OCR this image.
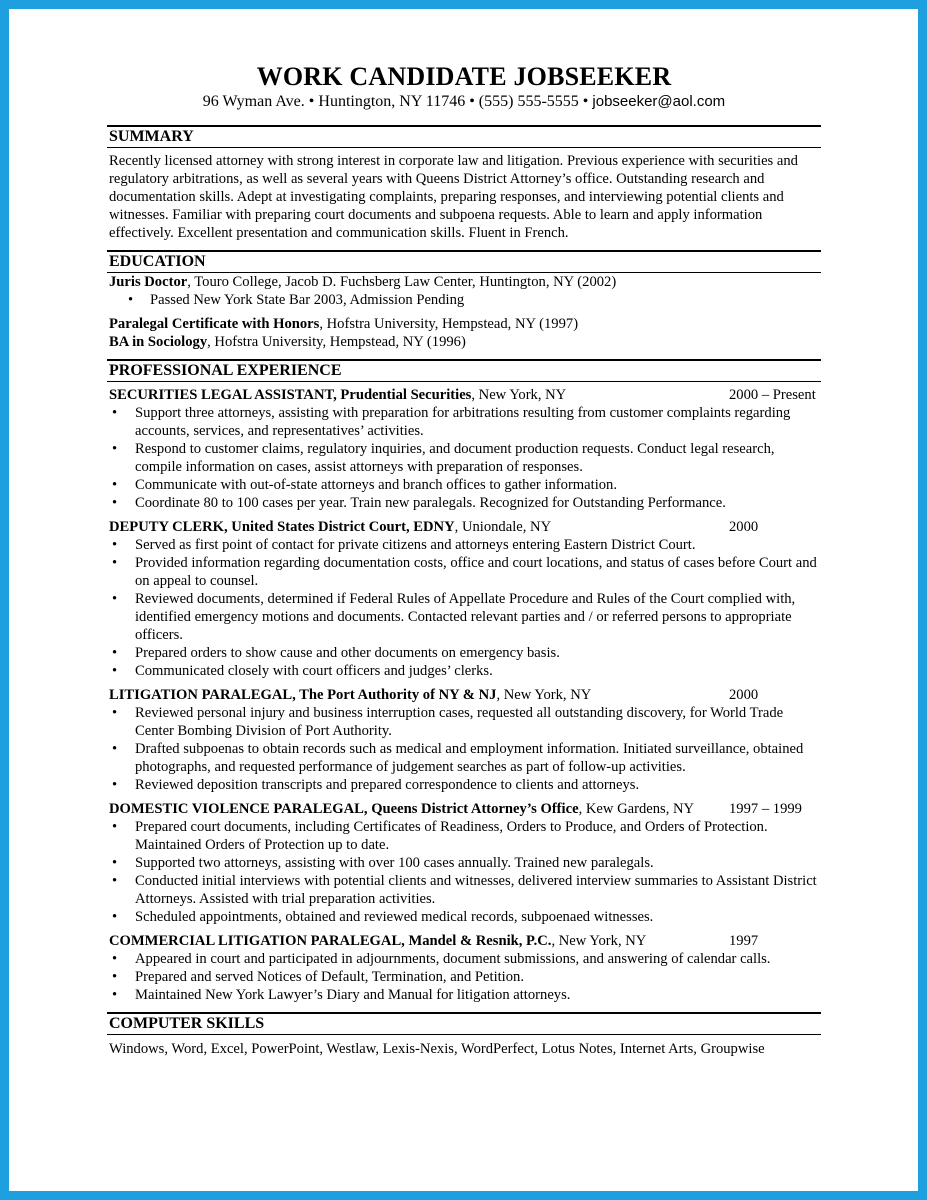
WORK CANDIDATE JOBSEEKER
96 Wyman Ave. • Huntington, NY 11746 • (555) 555-5555 • jobseeker@aol.com
SUMMARY
Recently licensed attorney with strong interest in corporate law and litigation. Previous experience with securities and regulatory arbitrations, as well as several years with Queens District Attorney’s office. Outstanding research and documentation skills. Adept at investigating complaints, preparing responses, and interviewing potential clients and witnesses. Familiar with preparing court documents and subpoena requests. Able to learn and apply information effectively. Excellent presentation and communication skills. Fluent in French.
EDUCATION

Juris Doctor, Touro College, Jacob D. Fuchsberg Law Center, Huntington, NY (2002)

• Passed New York State Bar 2003, Admission Pending

Paralegal Certificate with Honors, Hofstra University, Hempstead, NY (1997)

BA in Sociology, Hofstra University, Hempstead, NY (1996)

PROFESSIONAL EXPERIENCE
SECURITIES LEGAL ASSISTANT, Prudential Securities, New York, NY	2000 – Present
• Support three attorneys, assisting with preparation for arbitrations resulting from customer complaints regarding accounts, services, and representatives’ activities.
• Respond to customer claims, regulatory inquiries, and document production requests. Conduct legal research, compile information on cases, assist attorneys with preparation of responses.
• Communicate with out-of-state attorneys and branch offices to gather information.
• Coordinate 80 to 100 cases per year. Train new paralegals. Recognized for Outstanding Performance.
DEPUTY CLERK, United States District Court, EDNY, Uniondale, NY	2000
• Served as first point of contact for private citizens and attorneys entering Eastern District Court.
• Provided information regarding documentation costs, office and court locations, and status of cases before Court and on appeal to counsel.
• Reviewed documents, determined if Federal Rules of Appellate Procedure and Rules of the Court complied with, identified emergency motions and documents. Contacted relevant parties and / or referred persons to appropriate officers.
• Prepared orders to show cause and other documents on emergency basis.
• Communicated closely with court officers and judges’ clerks.
LITIGATION PARALEGAL, The Port Authority of NY & NJ, New York, NY	2000
• Reviewed personal injury and business interruption cases, requested all outstanding discovery, for World Trade Center Bombing Division of Port Authority.
• Drafted subpoenas to obtain records such as medical and employment information. Initiated surveillance, obtained photographs, and requested performance of judgement searches as part of follow-up activities.
• Reviewed deposition transcripts and prepared correspondence to clients and attorneys.
DOMESTIC VIOLENCE PARALEGAL, Queens District Attorney’s Office, Kew Gardens, NY 1997 – 1999
• Prepared court documents, including Certificates of Readiness, Orders to Produce, and Orders of Protection. Maintained Orders of Protection up to date.
• Supported two attorneys, assisting with over 100 cases annually. Trained new paralegals.
• Conducted initial interviews with potential clients and witnesses, delivered interview summaries to Assistant District Attorneys. Assisted with trial preparation activities.
• Scheduled appointments, obtained and reviewed medical records, subpoenaed witnesses.
COMMERCIAL LITIGATION PARALEGAL, Mandel & Resnik, P.C., New York, NY	1997
• Appeared in court and participated in adjournments, document submissions, and answering of calendar calls.
• Prepared and served Notices of Default, Termination, and Petition.
• Maintained New York Lawyer’s Diary and Manual for litigation attorneys.
COMPUTER SKILLS
Windows, Word, Excel, PowerPoint, Westlaw, Lexis-Nexis, WordPerfect, Lotus Notes, Internet Arts, Groupwise
